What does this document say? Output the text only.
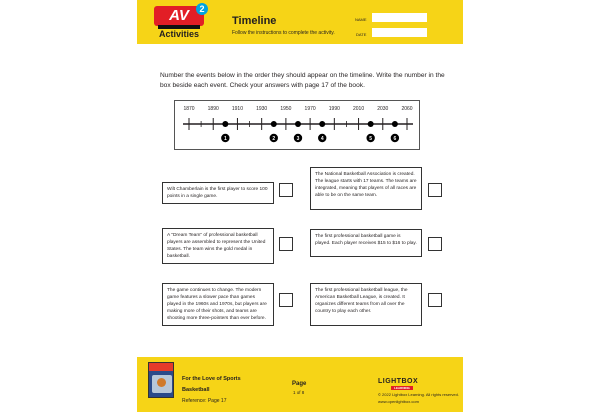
AV	2
Activities
Timeline
Follow the instructions to complete the activity.
NAME
DATE
Number the events below in the order they should appear on the timeline. Write the number in the box beside each event. Check your answers with page 17 of the book.
1870	1890	1910	1930	1950	1970	1990	2010	2030	2060
1	2	3	4	5	6
Wilt Chamberlain is the first player to score 100 points in a single game.
A "Dream Team" of professional basketball players are assembled to represent the United States. The team wins the gold medal in basketball.
The game continues to change. The modern game features a slower pace than games played in the 1960s and 1970s, but players are making more of their shots, and teams are shooting more three-pointers than ever before.
The National Basketball Association is created. The league starts with 17 teams. The teams are integrated, meaning that players of all races are able to be on the same team.
The first professional basketball game is played. Each player receives $15 to $16 to play.
The first professional basketball league, the American Basketball League, is created. It organizes different teams from all over the country to play each other.
For the Love of Sports
Basketball
Reference: Page 17
Page
1 of 8
LIGHTBOX
LEARNING
© 2022 Lightbox Learning. All rights reserved.
www.openlightbox.com
